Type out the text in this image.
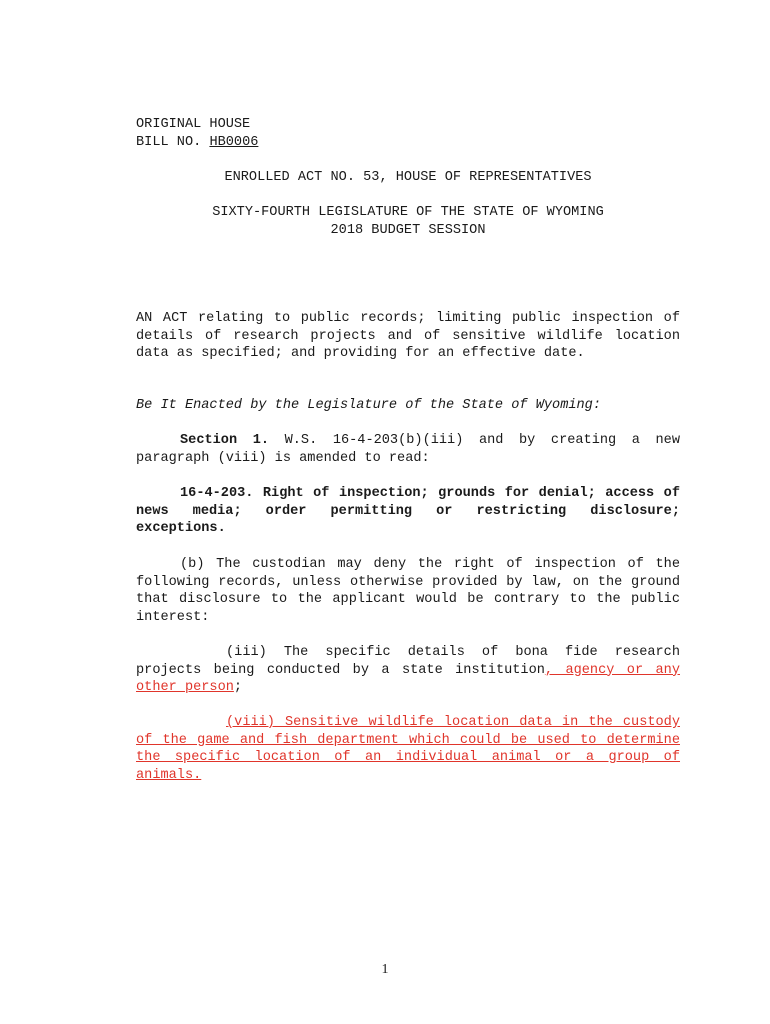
ORIGINAL HOUSE
BILL NO. HB0006
ENROLLED ACT NO. 53, HOUSE OF REPRESENTATIVES
SIXTY-FOURTH LEGISLATURE OF THE STATE OF WYOMING
2018 BUDGET SESSION

AN ACT relating to public records; limiting public inspection of details of research projects and of sensitive wildlife location data as specified; and providing for an effective date.

Be It Enacted by the Legislature of the State of Wyoming:

Section 1. W.S. 16-4-203(b)(iii) and by creating a new paragraph (viii) is amended to read:

16-4-203. Right of inspection; grounds for denial; access of news media; order permitting or restricting disclosure; exceptions.

(b) The custodian may deny the right of inspection of the following records, unless otherwise provided by law, on the ground that disclosure to the applicant would be contrary to the public interest:

(iii) The specific details of bona fide research projects being conducted by a state institution, agency or any other person;

(viii) Sensitive wildlife location data in the custody of the game and fish department which could be used to determine the specific location of an individual animal or a group of animals.

1
